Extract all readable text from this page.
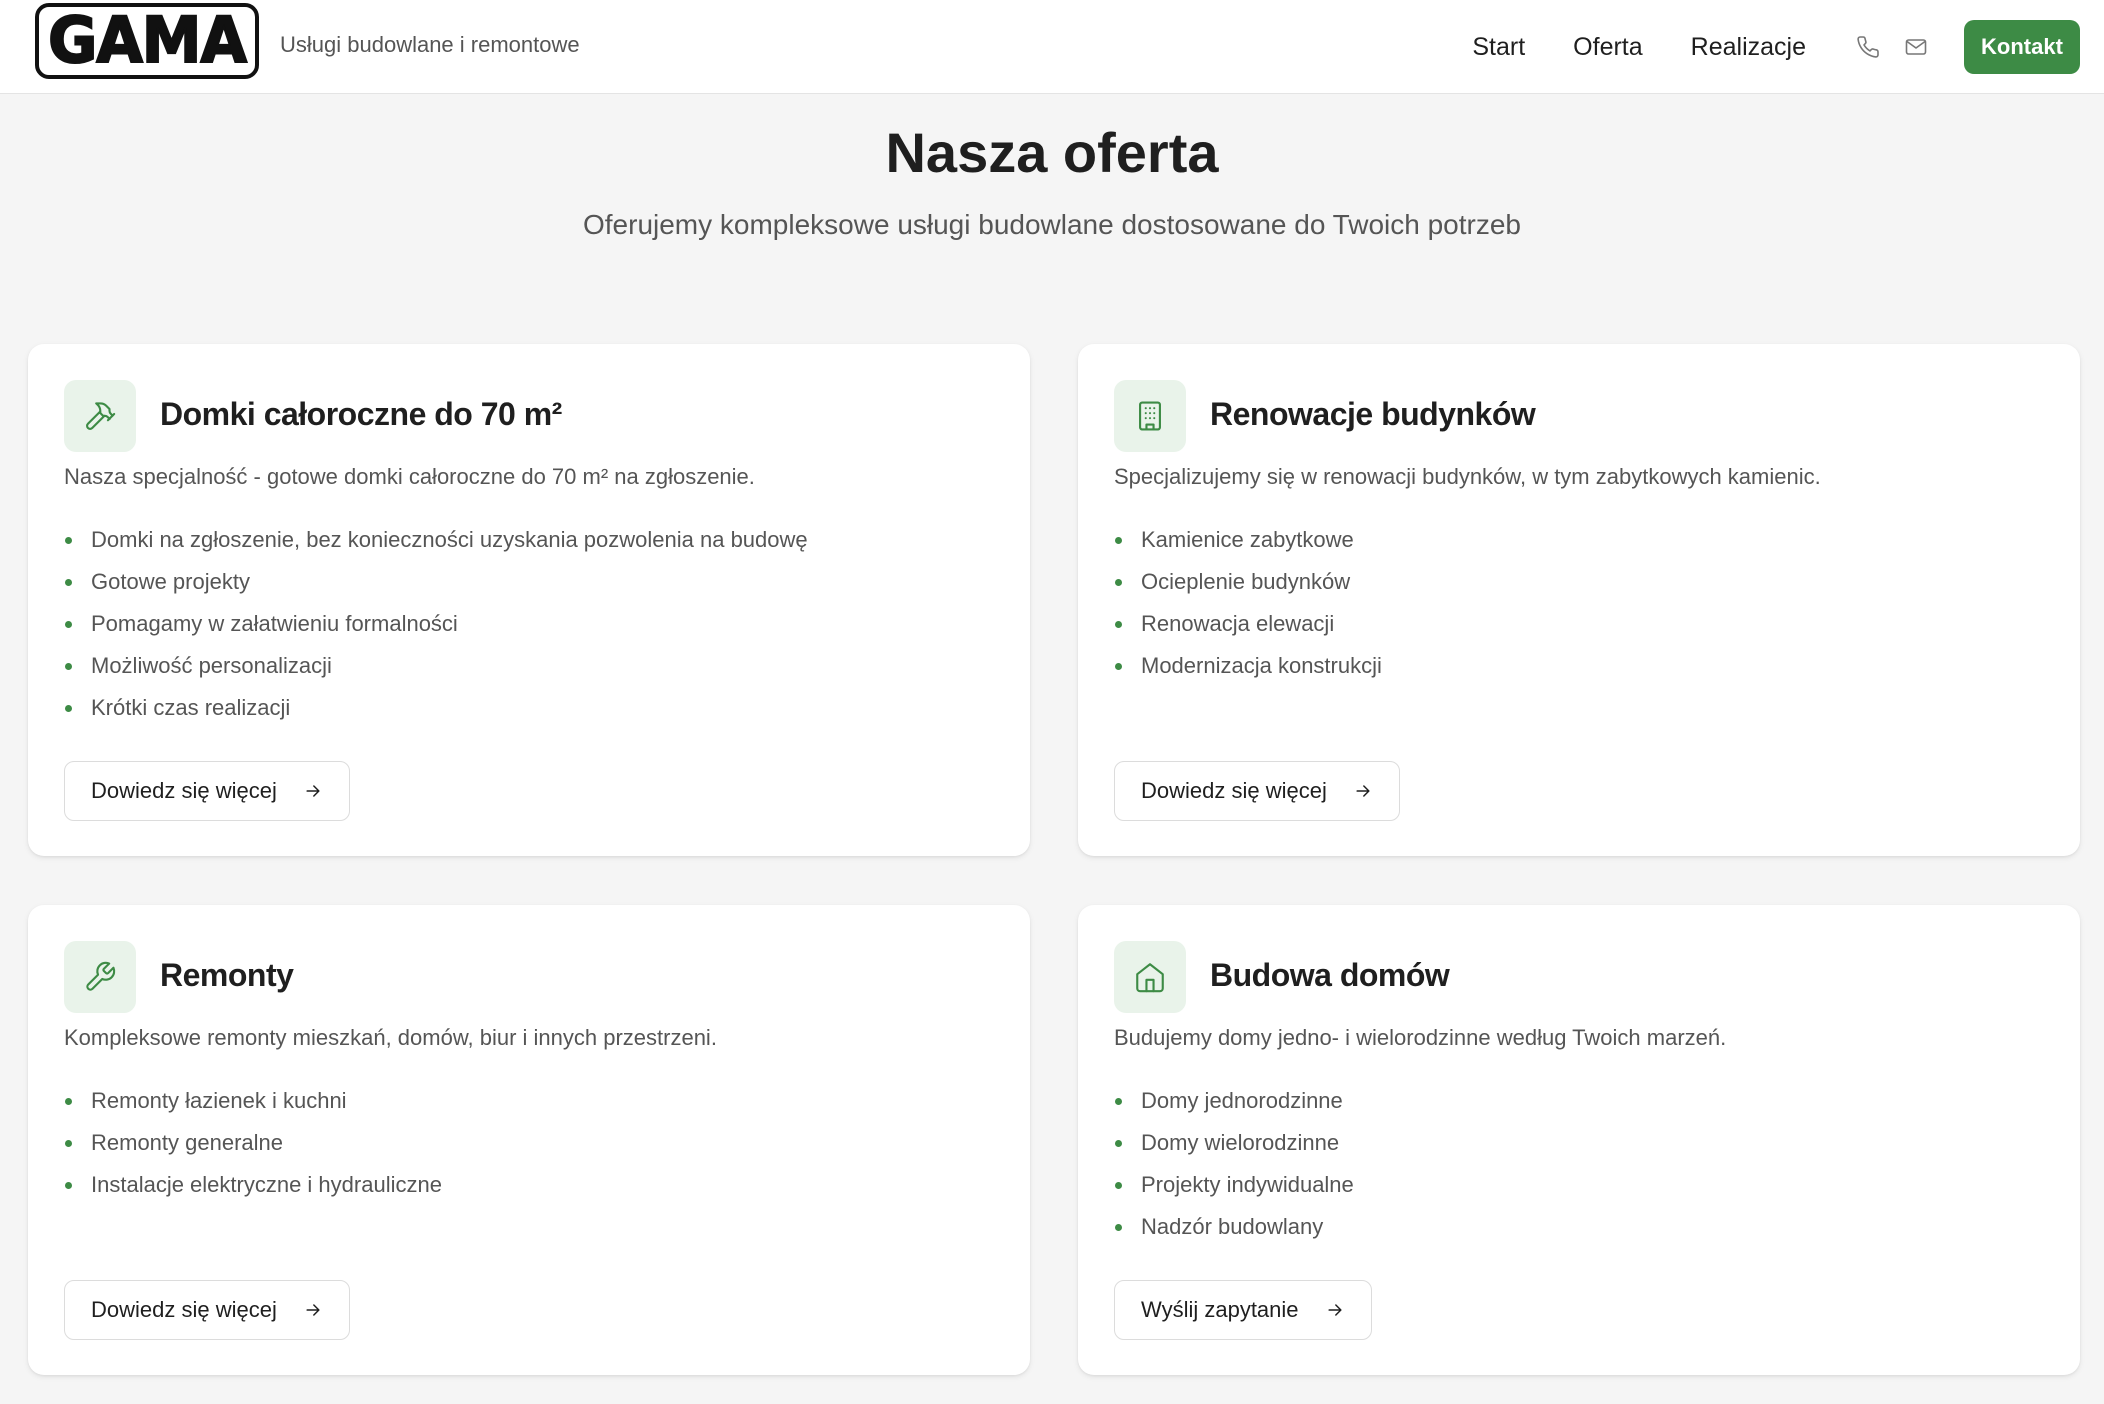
GAMA Usługi budowlane i remontowe	Start Oferta Realizacje	Kontakt
Nasza oferta

Oferujemy kompleksowe usługi budowlane dostosowane do Twoich potrzeb

Domki całoroczne do 70 m²

Nasza specjalność - gotowe domki całoroczne do 70 m² na zgłoszenie.

Domki na zgłoszenie, bez konieczności uzyskania pozwolenia na budowę
Gotowe projekty
Pomagamy w załatwieniu formalności
Możliwość personalizacji
Krótki czas realizacji
Dowiedz się więcej
Renowacje budynków

Specjalizujemy się w renowacji budynków, w tym zabytkowych kamienic.

Kamienice zabytkowe
Ocieplenie budynków
Renowacja elewacji
Modernizacja konstrukcji
Dowiedz się więcej
Remonty

Kompleksowe remonty mieszkań, domów, biur i innych przestrzeni.

Remonty łazienek i kuchni
Remonty generalne
Instalacje elektryczne i hydrauliczne
Dowiedz się więcej
Budowa domów

Budujemy domy jedno- i wielorodzinne według Twoich marzeń.

Domy jednorodzinne
Domy wielorodzinne
Projekty indywidualne
Nadzór budowlany
Wyślij zapytanie
